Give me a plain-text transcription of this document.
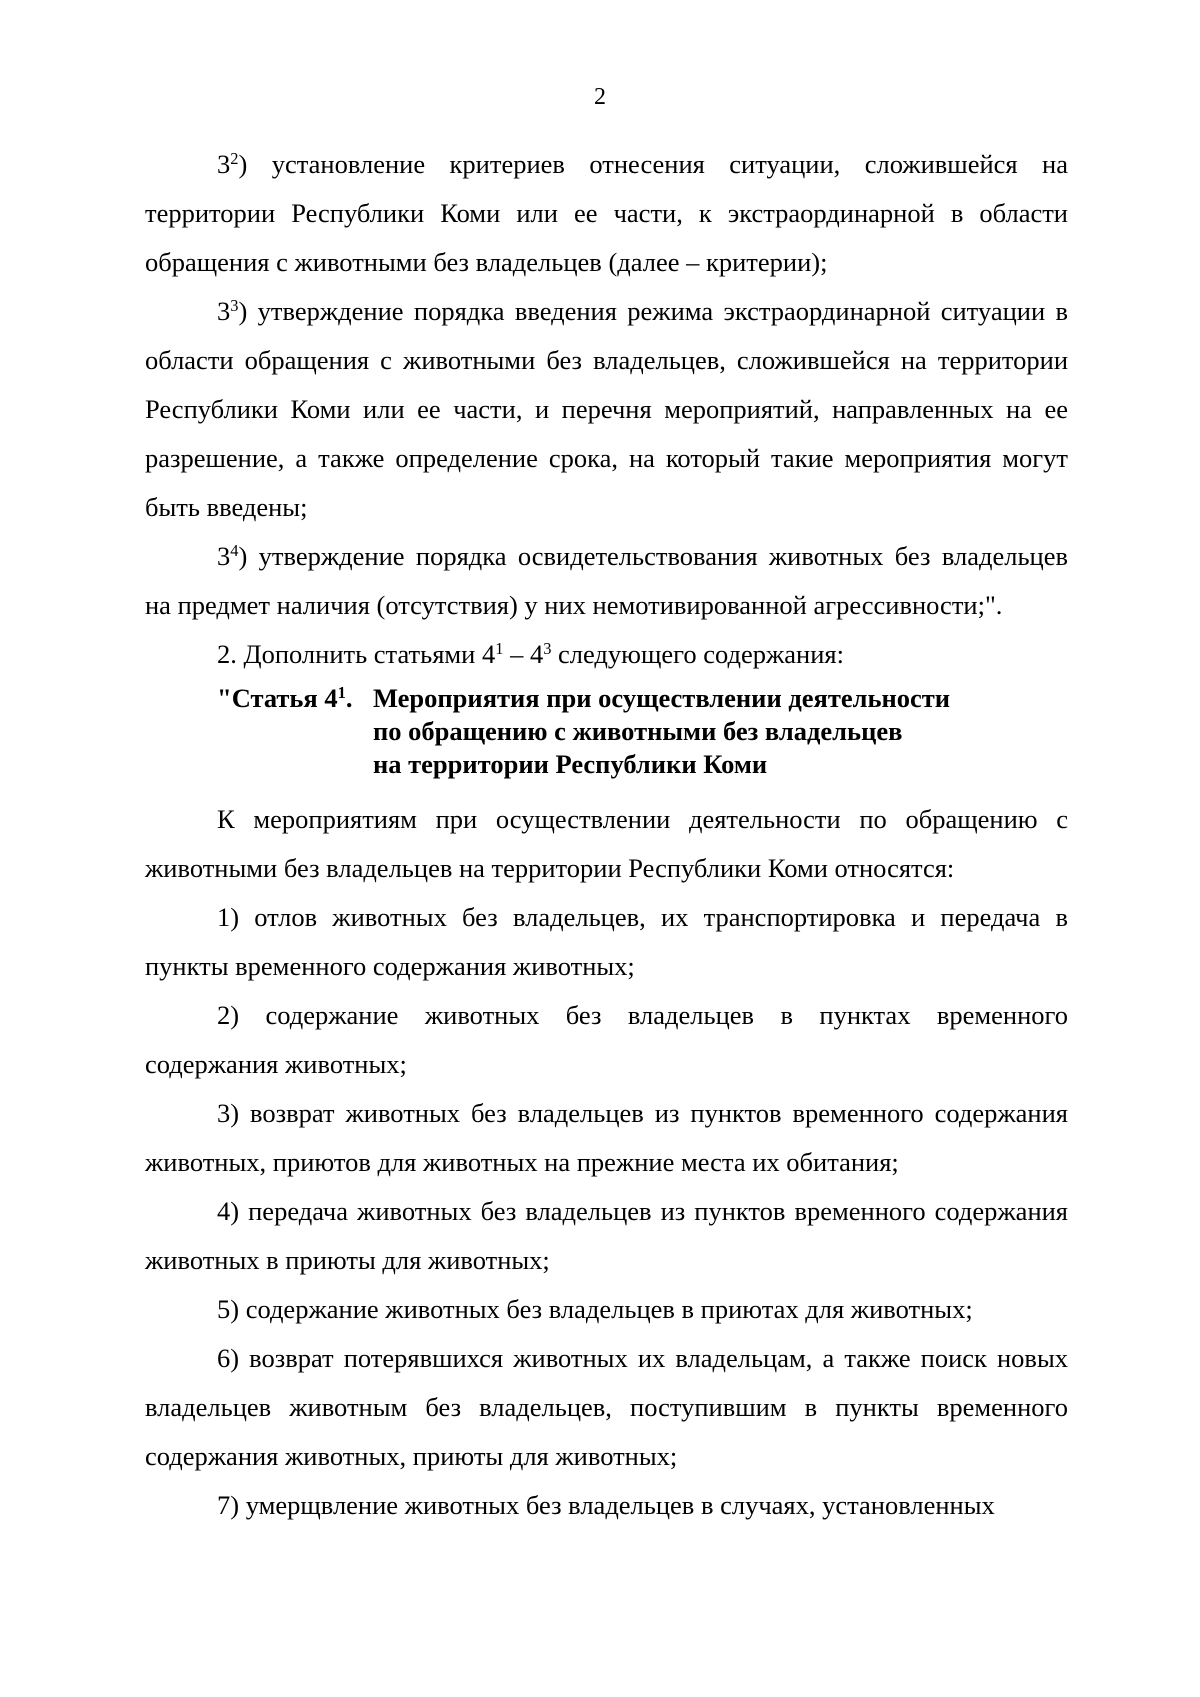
2

$3^2$) установление критериев отнесения ситуации, сложившейся на территории Республики Коми или ее части, к экстраординарной в области обращения с животными без владельцев (далее – критерии);

$3^3$) утверждение порядка введения режима экстраординарной ситуации в области обращения с животными без владельцев, сложившейся на территории Республики Коми или ее части, и перечня мероприятий, направленных на ее разрешение, а также определение срока, на который такие мероприятия могут быть введены;

$3^4$) утверждение порядка освидетельствования животных без владельцев на предмет наличия (отсутствия) у них немотивированной агрессивности;".

2. Дополнить статьями $4^1 - 4^3$ следующего содержания:

"Статья $4^1$. Мероприятия при осуществлении деятельности
по обращению с животными без владельцев
на территории Республики Коми

К мероприятиям при осуществлении деятельности по обращению с животными без владельцев на территории Республики Коми относятся:

1) отлов животных без владельцев, их транспортировка и передача в пункты временного содержания животных;

2) содержание животных без владельцев в пунктах временного содержания животных;

3) возврат животных без владельцев из пунктов временного содержания животных, приютов для животных на прежние места их обитания;

4) передача животных без владельцев из пунктов временного содержания животных в приюты для животных;

5) содержание животных без владельцев в приютах для животных;

6) возврат потерявшихся животных их владельцам, а также поиск новых владельцев животным без владельцев, поступившим в пункты временного содержания животных, приюты для животных;

7) умерщвление животных без владельцев в случаях, установленных
